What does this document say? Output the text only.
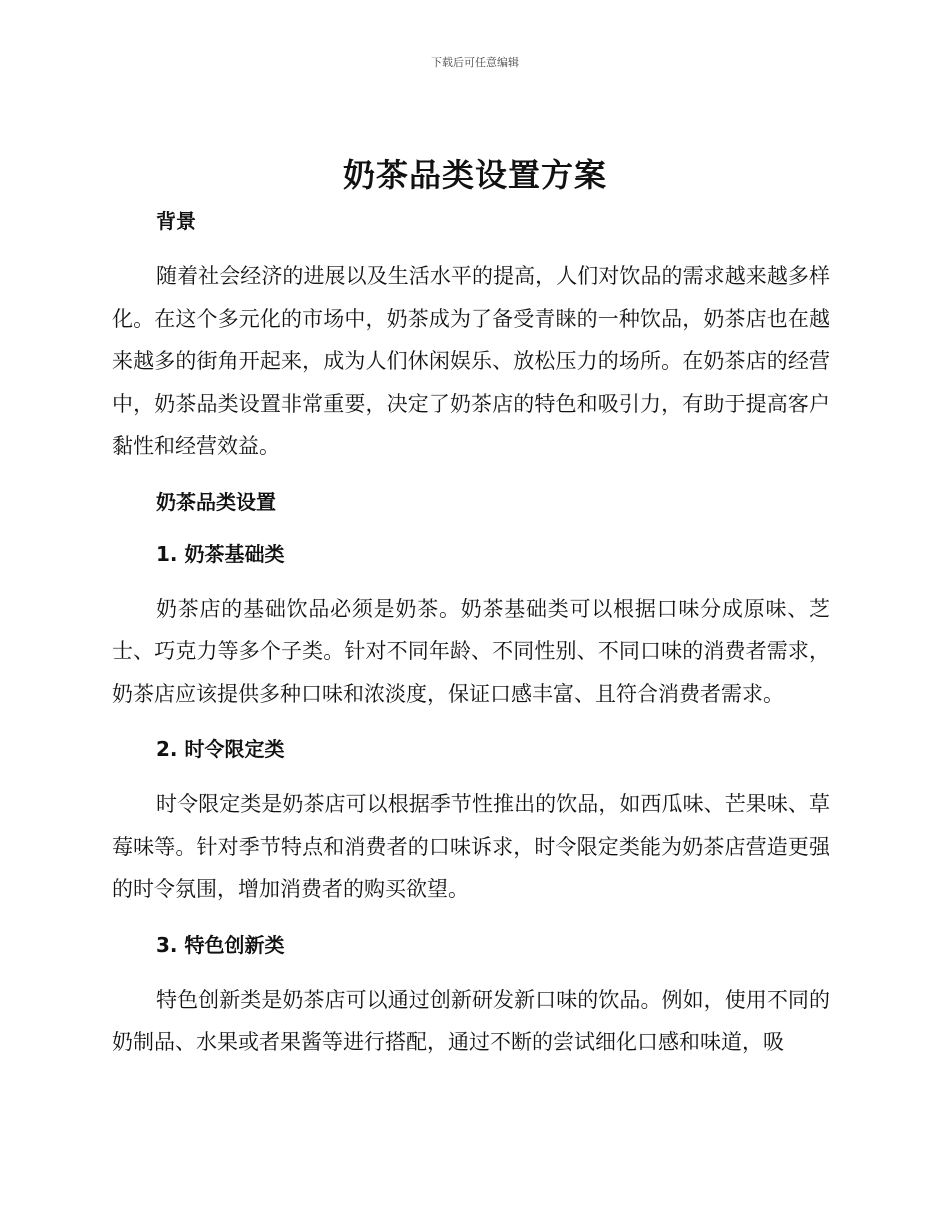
下载后可任意编辑
奶茶品类设置方案
背景

随着社会经济的进展以及生活水平的提高，人们对饮品的需求越来越多样化。在这个多元化的市场中，奶茶成为了备受青睐的一种饮品，奶茶店也在越来越多的街角开起来，成为人们休闲娱乐、放松压力的场所。在奶茶店的经营中，奶茶品类设置非常重要，决定了奶茶店的特色和吸引力，有助于提高客户黏性和经营效益。

奶茶品类设置
1. 奶茶基础类

奶茶店的基础饮品必须是奶茶。奶茶基础类可以根据口味分成原味、芝士、巧克力等多个子类。针对不同年龄、不同性别、不同口味的消费者需求，奶茶店应该提供多种口味和浓淡度，保证口感丰富、且符合消费者需求。

2. 时令限定类

时令限定类是奶茶店可以根据季节性推出的饮品，如西瓜味、芒果味、草莓味等。针对季节特点和消费者的口味诉求，时令限定类能为奶茶店营造更强的时令氛围，增加消费者的购买欲望。

3. 特色创新类

特色创新类是奶茶店可以通过创新研发新口味的饮品。例如，使用不同的奶制品、水果或者果酱等进行搭配，通过不断的尝试细化口感和味道，吸
